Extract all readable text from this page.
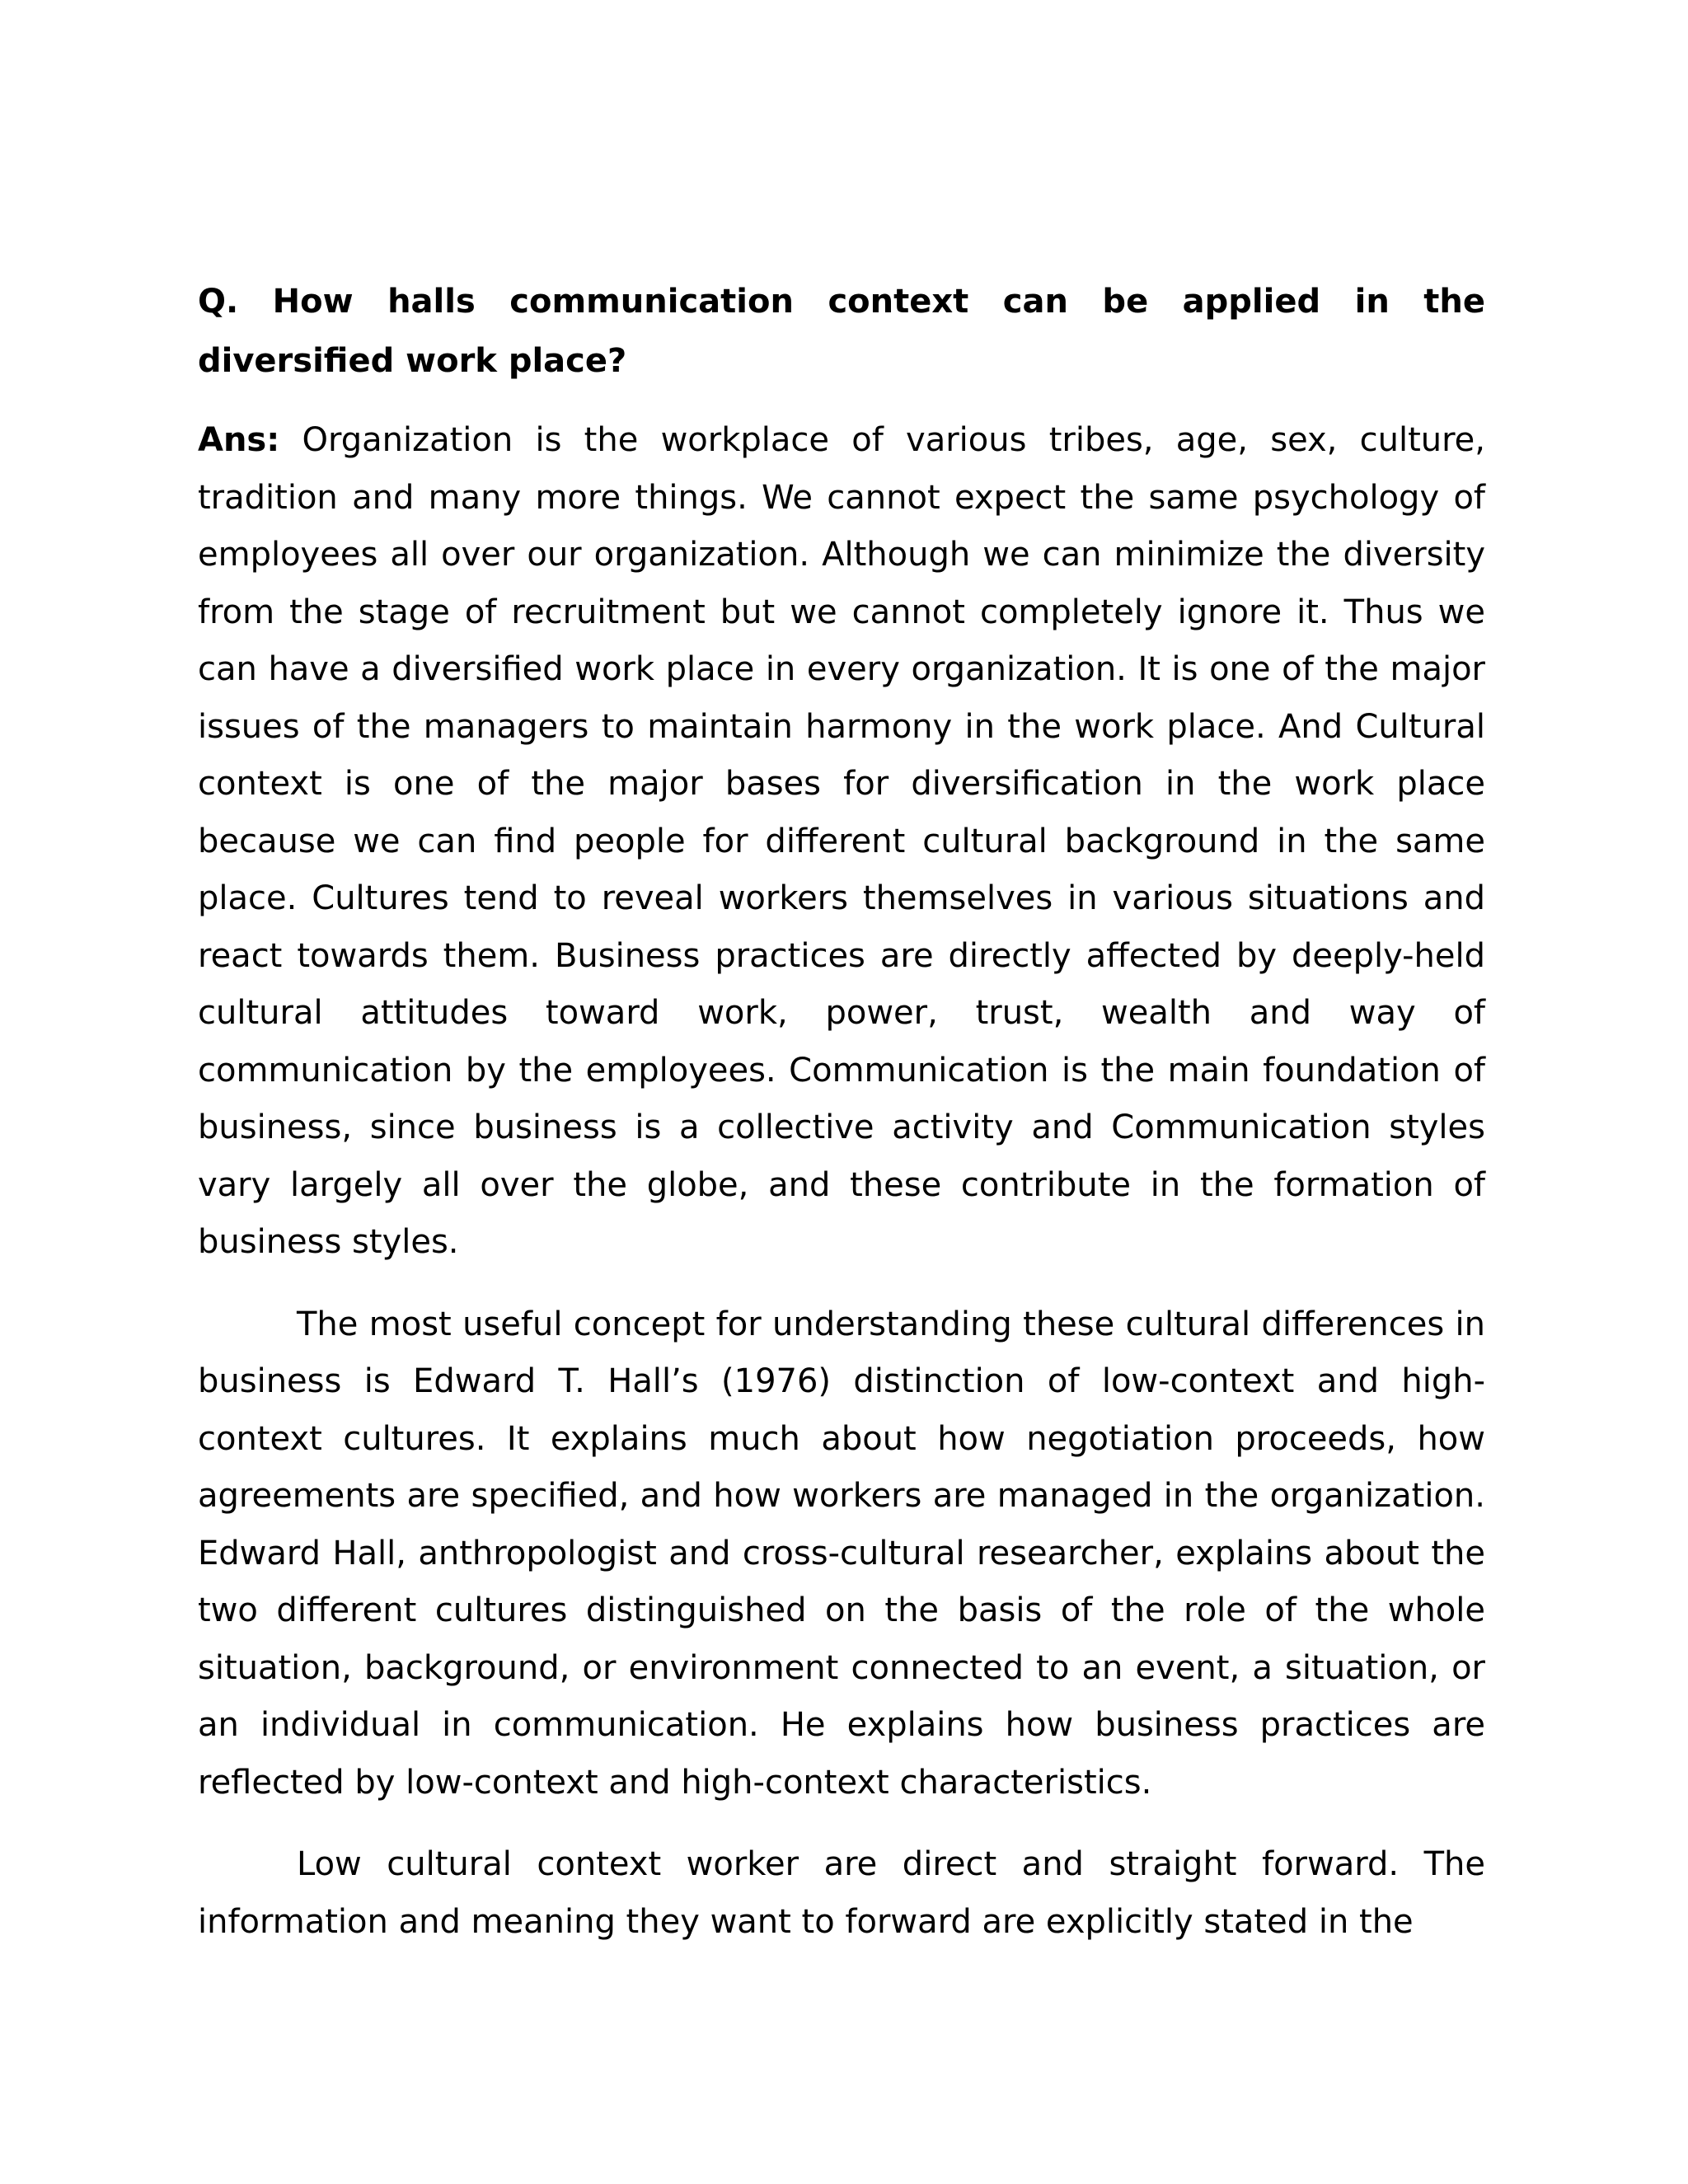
Q. How halls communication context can be applied in the diversified work place?

Ans: Organization is the workplace of various tribes, age, sex, culture, tradition and many more things. We cannot expect the same psychology of employees all over our organization. Although we can minimize the diversity from the stage of recruitment but we cannot completely ignore it. Thus we can have a diversified work place in every organization. It is one of the major issues of the managers to maintain harmony in the work place. And Cultural context is one of the major bases for diversification in the work place because we can find people for different cultural background in the same place. Cultures tend to reveal workers themselves in various situations and react towards them. Business practices are directly affected by deeply-held cultural attitudes toward work, power, trust, wealth and way of communication by the employees. Communication is the main foundation of business, since business is a collective activity and Communication styles vary largely all over the globe, and these contribute in the formation of business styles.

The most useful concept for understanding these cultural differences in business is Edward T. Hall’s (1976) distinction of low-context and high-context cultures. It explains much about how negotiation proceeds, how agreements are specified, and how workers are managed in the organization. Edward Hall, anthropologist and cross-cultural researcher, explains about the two different cultures distinguished on the basis of the role of the whole situation, background, or environment connected to an event, a situation, or an individual in communication. He explains how business practices are reflected by low-context and high-context characteristics.

Low cultural context worker are direct and straight forward. The information and meaning they want to forward are explicitly stated in the
